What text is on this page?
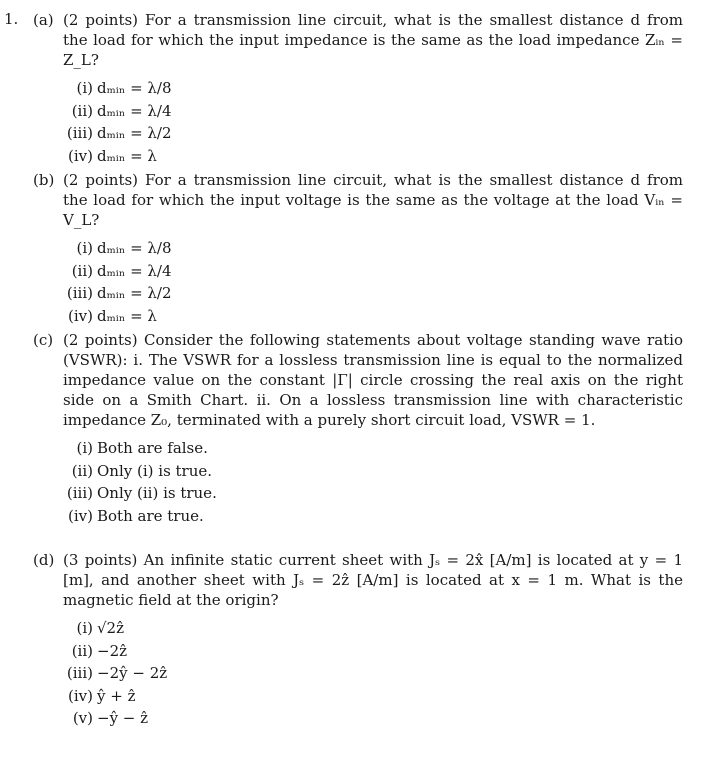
1. (a) (2 points) For a transmission line circuit, what is the smallest distance d from the load for which the input impedance is the same as the load impedance Zᵢₙ = Z_L?
(i) dₘᵢₙ = λ/8
(ii) dₘᵢₙ = λ/4
(iii) dₘᵢₙ = λ/2
(iv) dₘᵢₙ = λ
(b) (2 points) For a transmission line circuit, what is the smallest distance d from the load for which the input voltage is the same as the voltage at the load Vᵢₙ = V_L?
(i) dₘᵢₙ = λ/8
(ii) dₘᵢₙ = λ/4
(iii) dₘᵢₙ = λ/2
(iv) dₘᵢₙ = λ
(c) (2 points) Consider the following statements about voltage standing wave ratio (VSWR): i. The VSWR for a lossless transmission line is equal to the normalized impedance value on the constant |Γ| circle crossing the real axis on the right side on a Smith Chart. ii. On a lossless transmission line with characteristic impedance Z₀, terminated with a purely short circuit load, VSWR = 1.
(i) Both are false.
(ii) Only (i) is true.
(iii) Only (ii) is true.
(iv) Both are true.
(d) (3 points) An infinite static current sheet with Jₛ = 2x̂ [A/m] is located at y = 1 [m], and another sheet with Jₛ = 2ẑ [A/m] is located at x = 1 m. What is the magnetic field at the origin?
(i) √2ẑ
(ii) −2ẑ
(iii) −2ŷ − 2ẑ
(iv) ŷ + ẑ
(v) −ŷ − ẑ
